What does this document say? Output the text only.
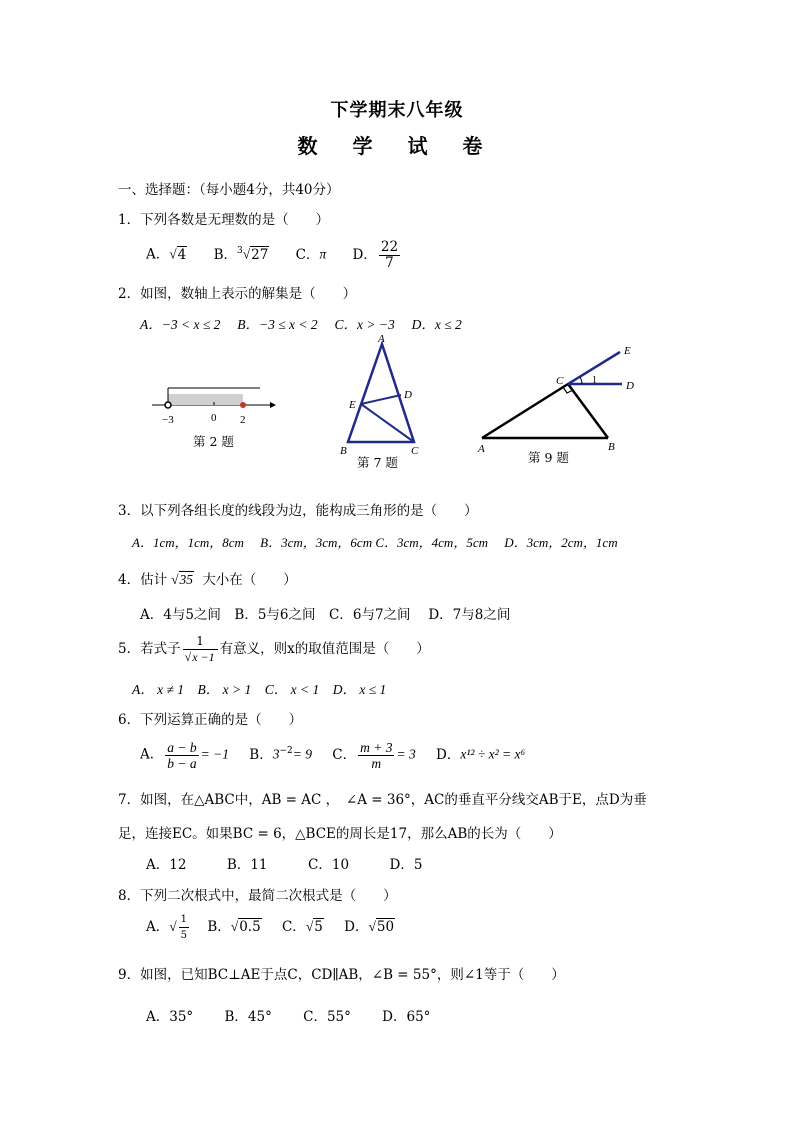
下学期末八年级
数 学 试 卷
一、选择题：（每小题4分，共40分）
1．下列各数是无理数的是（　　）
A．√4 B．$^3$√27 C．π D． $\frac{22}{7}$
2．如图，数轴上表示的解集是（　　）
A．−3 < x ≤ 2　 B．−3 ≤ x < 2　 C．x > −3　 D．x ≤ 2
−3	0 2
第 2 题
A
D
E
B	C
第 7 题
E
C	1	D
A	B
第 9 题
3．以下列各组长度的线段为边，能构成三角形的是（　　）
A．1cm，1cm，8cm　 B．3cm，3cm，6cm C．3cm，4cm，5cm　 D．3cm，2cm，1cm
4．估计 √35 大小在（　　）
A．4与5之间　B．5与6之间　C．6与7之间　 D．7与8之间
5．若式子 $\frac{1}{√x -1}$ 有意义，则x的取值范围是（　　）
A． x ≠ 1　B． x > 1　C． x < 1　D． x ≤ 1
6．下列运算正确的是（　　）
A． $\frac{a - b}{b - a} = -1$ B．$3^{-2}= 9$ C． $\frac{m + 3}{m} = 3$ D．x¹² ÷ x² = x⁶
7．如图，在△ABC中，AB = AC ，　∠A = 36°，AC的垂直平分线交AB于E，点D为垂
足，连接EC。如果BC = 6，△BCE的周长是17，那么AB的长为（　　）
A．12　　　B．11　　　C．10　　　D．5
8．下列二次根式中，最简二次根式是（　　）
A．√ $\frac{1}{5}$ B．√0.5 C．√5 D．√50
9．如图，已知BC⊥AE于点C，CD∥AB，∠B = 55°，则∠1等于（　　）
A．35°　　 B．45°　　 C．55°　　 D．65°
